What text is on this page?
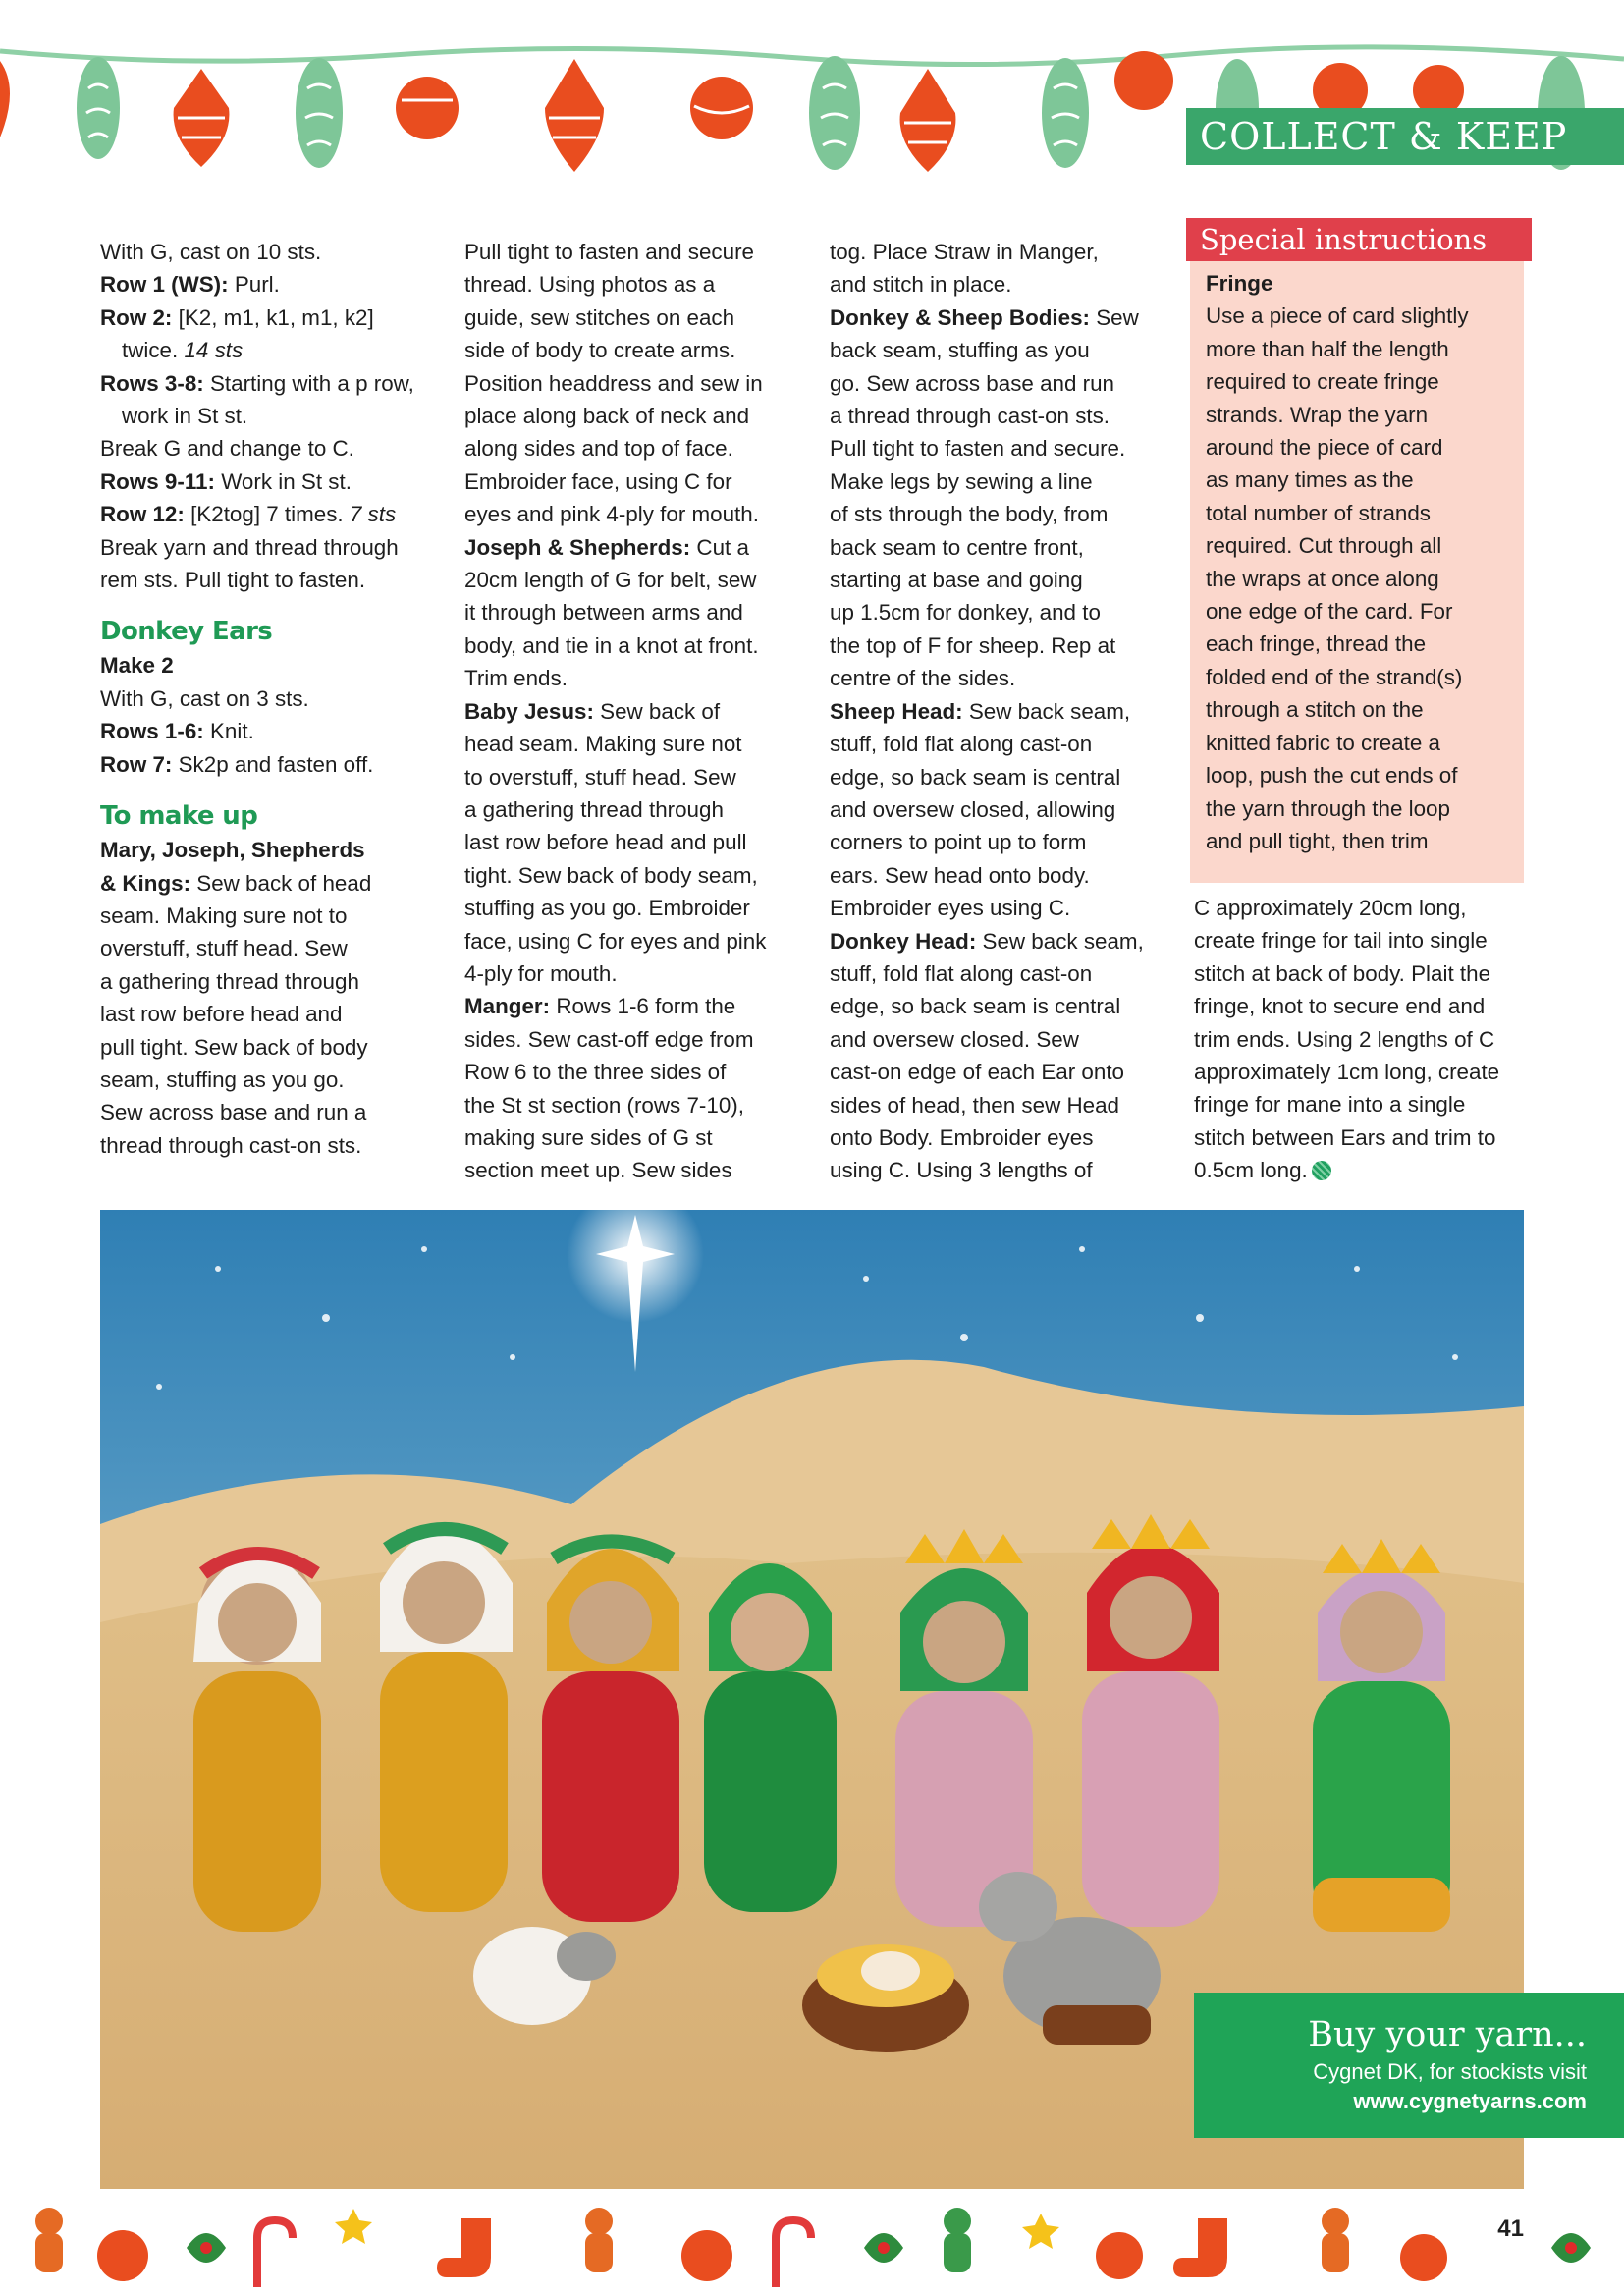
COLLECT & KEEP

With G, cast on 10 sts.

Row 1 (WS): Purl.

Row 2: [K2, m1, k1, m1, k2]

twice. 14 sts

Rows 3-8: Starting with a p row,

work in St st.

Break G and change to C.

Rows 9-11: Work in St st.

Row 12: [K2tog] 7 times. 7 sts

Break yarn and thread through

rem sts. Pull tight to fasten.

Donkey Ears

Make 2

With G, cast on 3 sts.

Rows 1-6: Knit.

Row 7: Sk2p and fasten off.

To make up

Mary, Joseph, Shepherds

& Kings: Sew back of head

seam. Making sure not to

overstuff, stuff head. Sew

a gathering thread through

last row before head and

pull tight. Sew back of body

seam, stuffing as you go.

Sew across base and run a

thread through cast-on sts.

Pull tight to fasten and secure

thread. Using photos as a

guide, sew stitches on each

side of body to create arms.

Position headdress and sew in

place along back of neck and

along sides and top of face.

Embroider face, using C for

eyes and pink 4-ply for mouth.

Joseph & Shepherds: Cut a

20cm length of G for belt, sew

it through between arms and

body, and tie in a knot at front.

Trim ends.

Baby Jesus: Sew back of

head seam. Making sure not

to overstuff, stuff head. Sew

a gathering thread through

last row before head and pull

tight. Sew back of body seam,

stuffing as you go. Embroider

face, using C for eyes and pink

4-ply for mouth.

Manger: Rows 1-6 form the

sides. Sew cast-off edge from

Row 6 to the three sides of

the St st section (rows 7-10),

making sure sides of G st

section meet up. Sew sides

tog. Place Straw in Manger,

and stitch in place.

Donkey & Sheep Bodies: Sew

back seam, stuffing as you

go. Sew across base and run

a thread through cast-on sts.

Pull tight to fasten and secure.

Make legs by sewing a line

of sts through the body, from

back seam to centre front,

starting at base and going

up 1.5cm for donkey, and to

the top of F for sheep. Rep at

centre of the sides.

Sheep Head: Sew back seam,

stuff, fold flat along cast-on

edge, so back seam is central

and oversew closed, allowing

corners to point up to form

ears. Sew head onto body.

Embroider eyes using C.

Donkey Head: Sew back seam,

stuff, fold flat along cast-on

edge, so back seam is central

and oversew closed. Sew

cast-on edge of each Ear onto

sides of head, then sew Head

onto Body. Embroider eyes

using C. Using 3 lengths of

Special instructions

Fringe

Use a piece of card slightly

more than half the length

required to create fringe

strands. Wrap the yarn

around the piece of card

as many times as the

total number of strands

required. Cut through all

the wraps at once along

one edge of the card. For

each fringe, thread the

folded end of the strand(s)

through a stitch on the

knitted fabric to create a

loop, push the cut ends of

the yarn through the loop

and pull tight, then trim

C approximately 20cm long,

create fringe for tail into single

stitch at back of body. Plait the

fringe, knot to secure end and

trim ends. Using 2 lengths of C

approximately 1cm long, create

fringe for mane into a single

stitch between Ears and trim to

0.5cm long.

Buy your yarn...
Cygnet DK, for stockists visit
www.cygnetyarns.com
41
